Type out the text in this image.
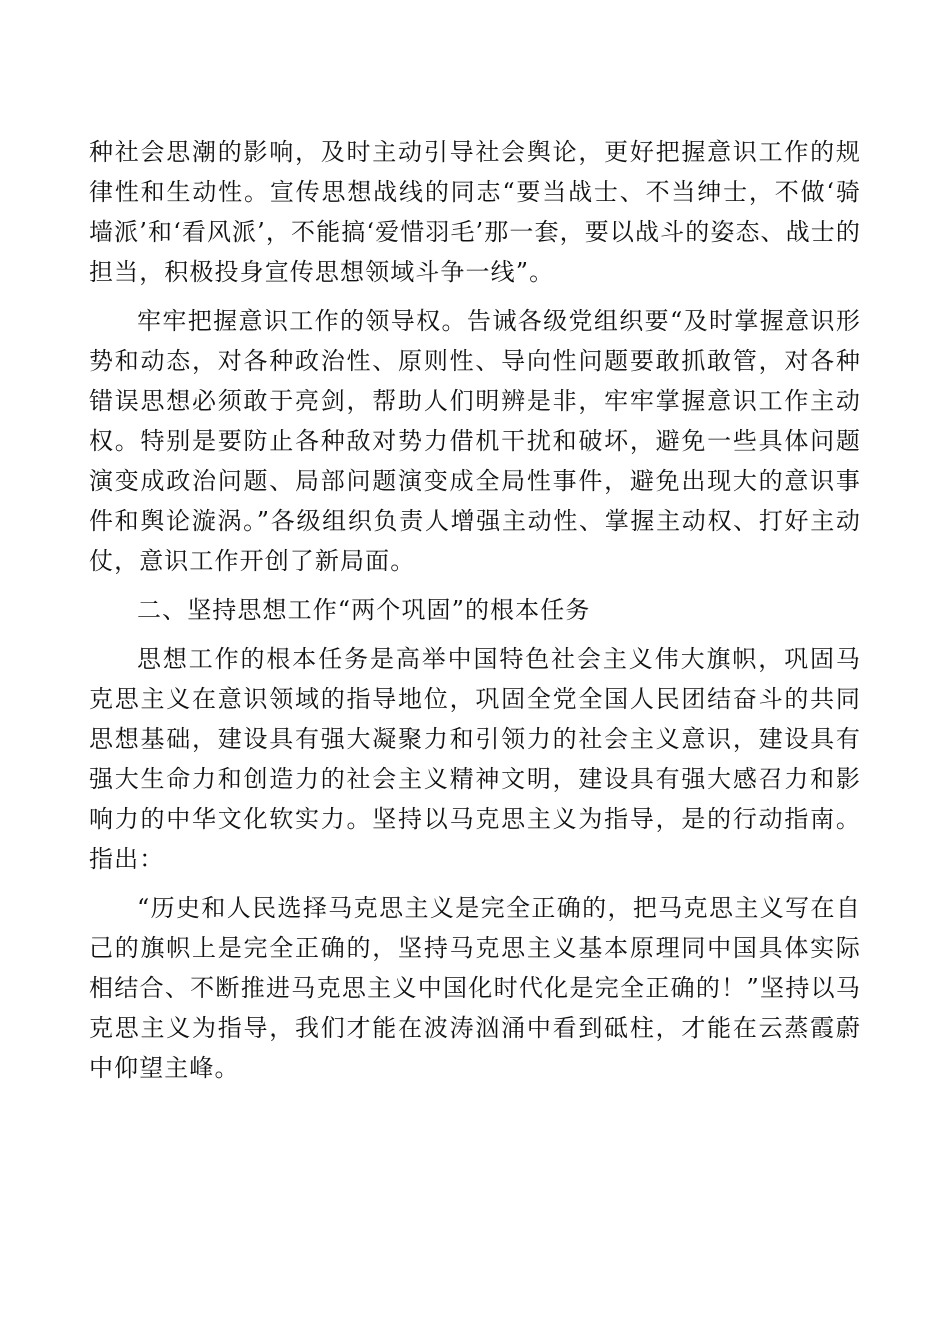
种社会思潮的影响，及时主动引导社会舆论，更好把握意识工作的规律性和生动性。宣传思想战线的同志“要当战士、不当绅士，不做‘骑墙派’和‘看风派’，不能搞‘爱惜羽毛’那一套，要以战斗的姿态、战士的担当，积极投身宣传思想领域斗争一线”。

牢牢把握意识工作的领导权。告诫各级党组织要“及时掌握意识形势和动态，对各种政治性、原则性、导向性问题要敢抓敢管，对各种错误思想必须敢于亮剑，帮助人们明辨是非，牢牢掌握意识工作主动权。特别是要防止各种敌对势力借机干扰和破坏，避免一些具体问题演变成政治问题、局部问题演变成全局性事件，避免出现大的意识事件和舆论漩涡。”各级组织负责人增强主动性、掌握主动权、打好主动仗，意识工作开创了新局面。

二、坚持思想工作“两个巩固”的根本任务

思想工作的根本任务是高举中国特色社会主义伟大旗帜，巩固马克思主义在意识领域的指导地位，巩固全党全国人民团结奋斗的共同思想基础，建设具有强大凝聚力和引领力的社会主义意识，建设具有强大生命力和创造力的社会主义精神文明，建设具有强大感召力和影响力的中华文化软实力。坚持以马克思主义为指导，是的行动指南。指出：

“历史和人民选择马克思主义是完全正确的，把马克思主义写在自己的旗帜上是完全正确的，坚持马克思主义基本原理同中国具体实际相结合、不断推进马克思主义中国化时代化是完全正确的！”坚持以马克思主义为指导，我们才能在波涛汹涌中看到砥柱，才能在云蒸霞蔚中仰望主峰。
